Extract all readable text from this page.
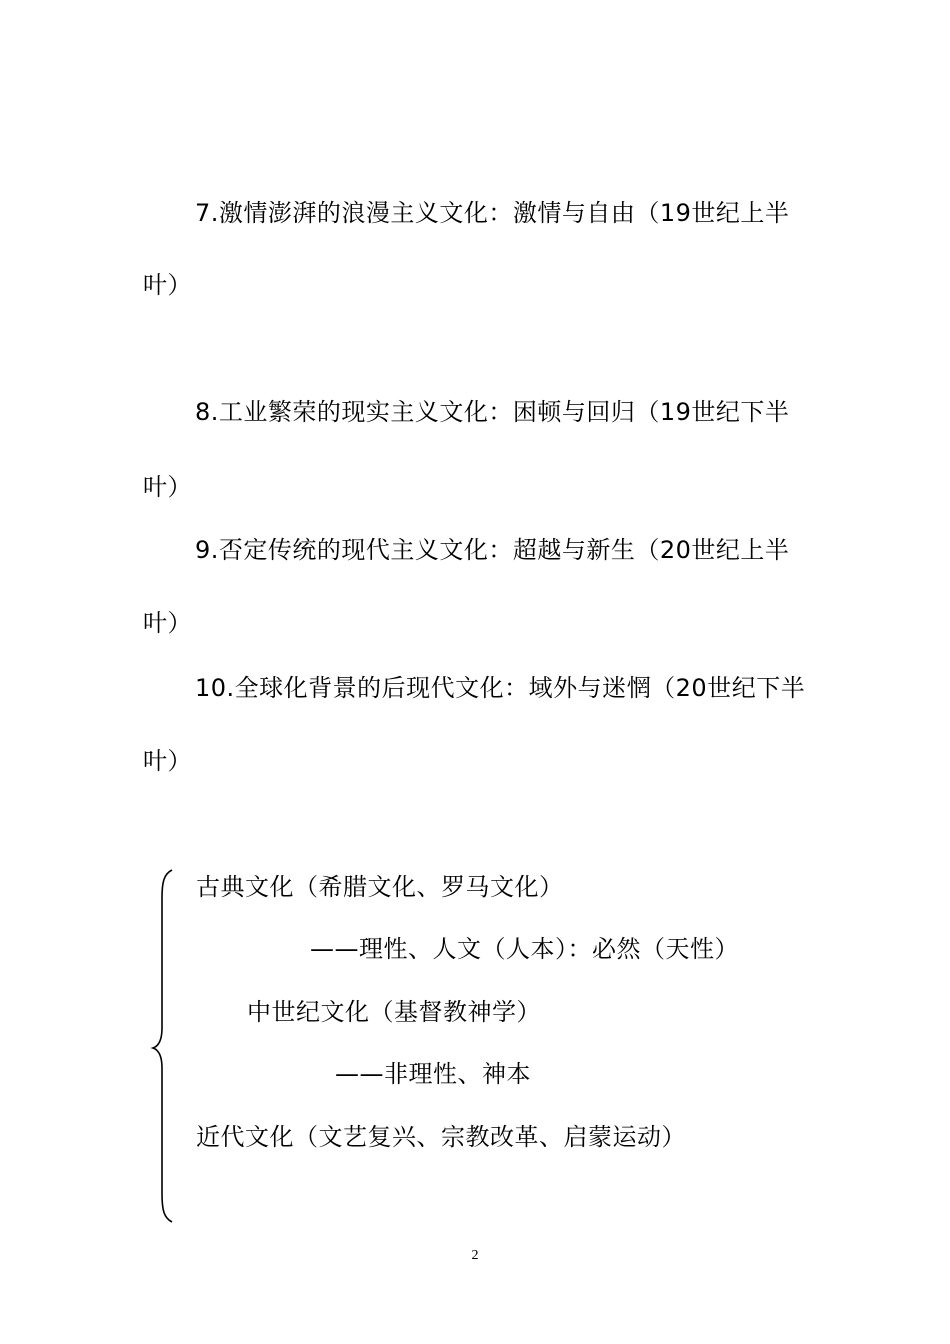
7.激情澎湃的浪漫主义文化：激情与自由（19世纪上半
叶）
8.工业繁荣的现实主义文化：困顿与回归（19世纪下半
叶）
9.否定传统的现代主义文化：超越与新生（20世纪上半
叶）
10.全球化背景的后现代文化：域外与迷惘（20世纪下半
叶）
古典文化（希腊文化、罗马文化）
——理性、人文（人本）：必然（天性）
中世纪文化（基督教神学）
——非理性、神本
近代文化（文艺复兴、宗教改革、启蒙运动）
2
